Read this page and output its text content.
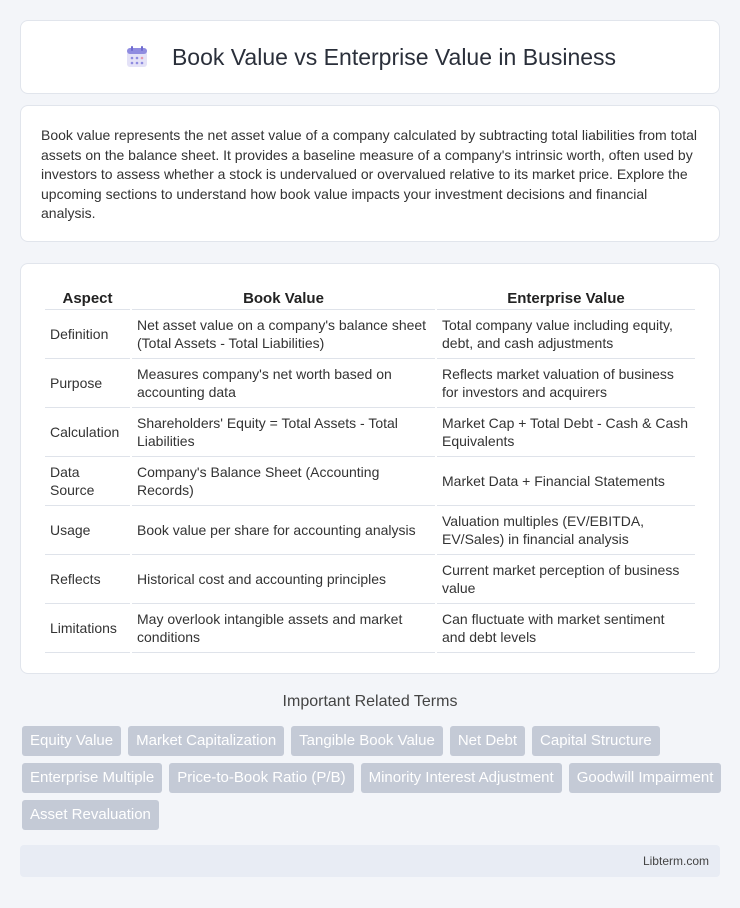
Book Value vs Enterprise Value in Business

Book value represents the net asset value of a company calculated by subtracting total liabilities from total assets on the balance sheet. It provides a baseline measure of a company's intrinsic worth, often used by investors to assess whether a stock is undervalued or overvalued relative to its market price. Explore the upcoming sections to understand how book value impacts your investment decisions and financial analysis.

Aspect	Book Value	Enterprise Value
Definition	Net asset value on a company's balance sheet (Total Assets - Total Liabilities)	Total company value including equity, debt, and cash adjustments
Purpose	Measures company's net worth based on accounting data	Reflects market valuation of business for investors and acquirers
Calculation	Shareholders' Equity = Total Assets - Total Liabilities	Market Cap + Total Debt - Cash & Cash Equivalents
Data Source	Company's Balance Sheet (Accounting Records)	Market Data + Financial Statements
Usage	Book value per share for accounting analysis	Valuation multiples (EV/EBITDA, EV/Sales) in financial analysis
Reflects	Historical cost and accounting principles	Current market perception of business value
Limitations	May overlook intangible assets and market conditions	Can fluctuate with market sentiment and debt levels
Important Related Terms
Equity Value	Market Capitalization	Tangible Book Value	Net Debt	Capital Structure
Enterprise Multiple	Price-to-Book Ratio (P/B)	Minority Interest Adjustment	Goodwill Impairment
Asset Revaluation
Libterm.com
